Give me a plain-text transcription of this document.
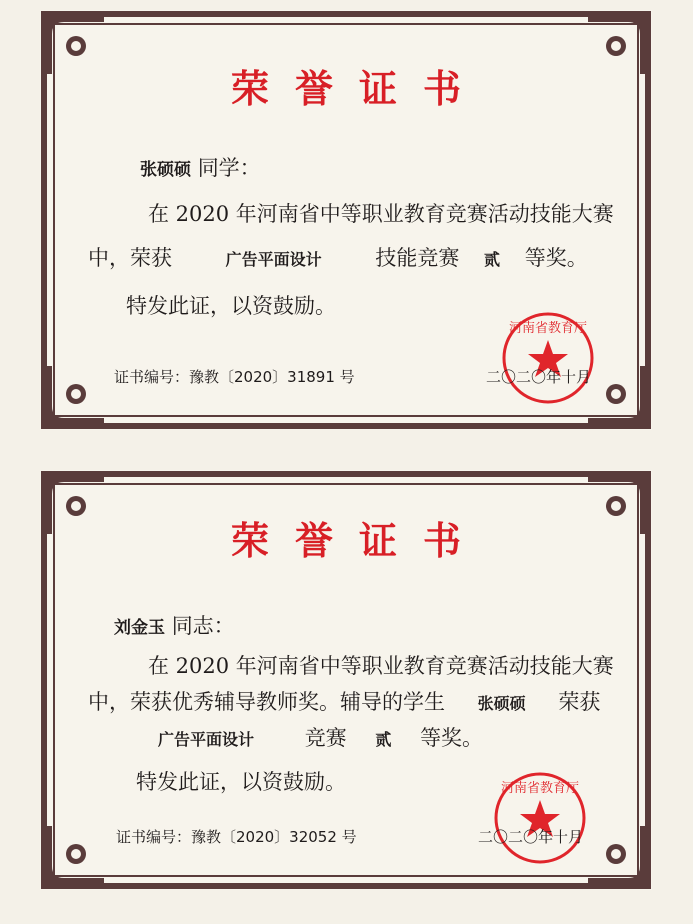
荣誉证书
张硕硕 同学：
在 2020 年河南省中等职业教育竞赛活动技能大赛
中，荣获	广告平面设计	技能竞赛 贰 等奖。
特发此证，以资鼓励。
河南省教育厅
证书编号：豫教〔2020〕31891 号	二〇二〇年十月
荣誉证书
刘金玉 同志：
在 2020 年河南省中等职业教育竞赛活动技能大赛
中，荣获优秀辅导教师奖。辅导的学生 张硕硕 荣获
广告平面设计 竞赛 贰 等奖。
特发此证，以资鼓励。	河南省教育厅
证书编号：豫教〔2020〕32052 号	二〇二〇年十月
